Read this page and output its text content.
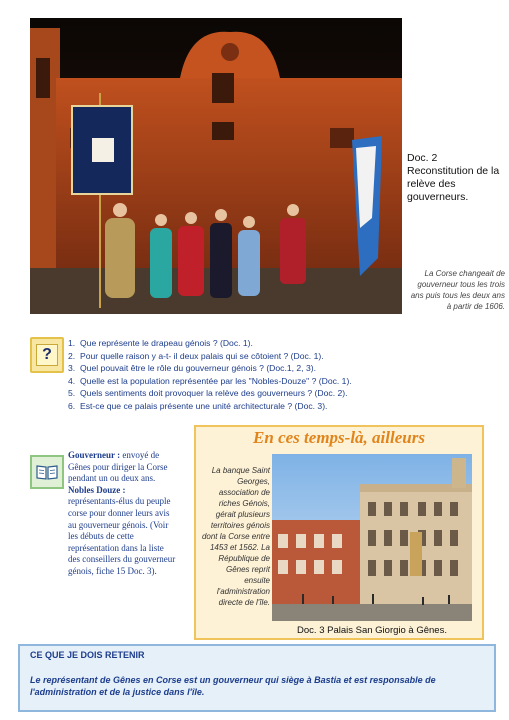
Doc. 2
Reconstitution de la relève des gouverneurs.
La Corse changeait de gouverneur tous les trois ans puis tous les deux ans à partir de 1606.
?
1. Que représente le drapeau génois ? (Doc. 1).
2. Pour quelle raison y a-t- il deux palais qui se côtoient ? (Doc. 1).
3. Quel pouvait être le rôle du gouverneur génois ? (Doc.1, 2, 3).
4. Quelle est la population représentée par les "Nobles-Douze" ? (Doc. 1).
5. Quels sentiments doit provoquer la relève des gouverneurs ? (Doc. 2).
6. Est-ce que ce palais présente une unité architecturale ? (Doc. 3).
Gouverneur : envoyé de Gênes pour diriger la Corse pendant un ou deux ans.
Nobles Douze :
représentants-élus du peuple corse pour donner leurs avis au gouverneur génois. (Voir les débuts de cette représentation dans la liste des conseillers du gouverneur génois, fiche 15 Doc. 3).
En ces temps-là, ailleurs
La banque Saint Georges, association de riches Génois, gérait plusieurs territoires génois dont la Corse entre 1453 et 1562. La République de Gênes reprit ensuite l'administration directe de l'île.
Doc. 3 Palais San Giorgio à Gênes.
CE QUE JE DOIS RETENIR
Le représentant de Gênes en Corse est un gouverneur qui siège à Bastia et est responsable de l'administration et de la justice dans l'île.
